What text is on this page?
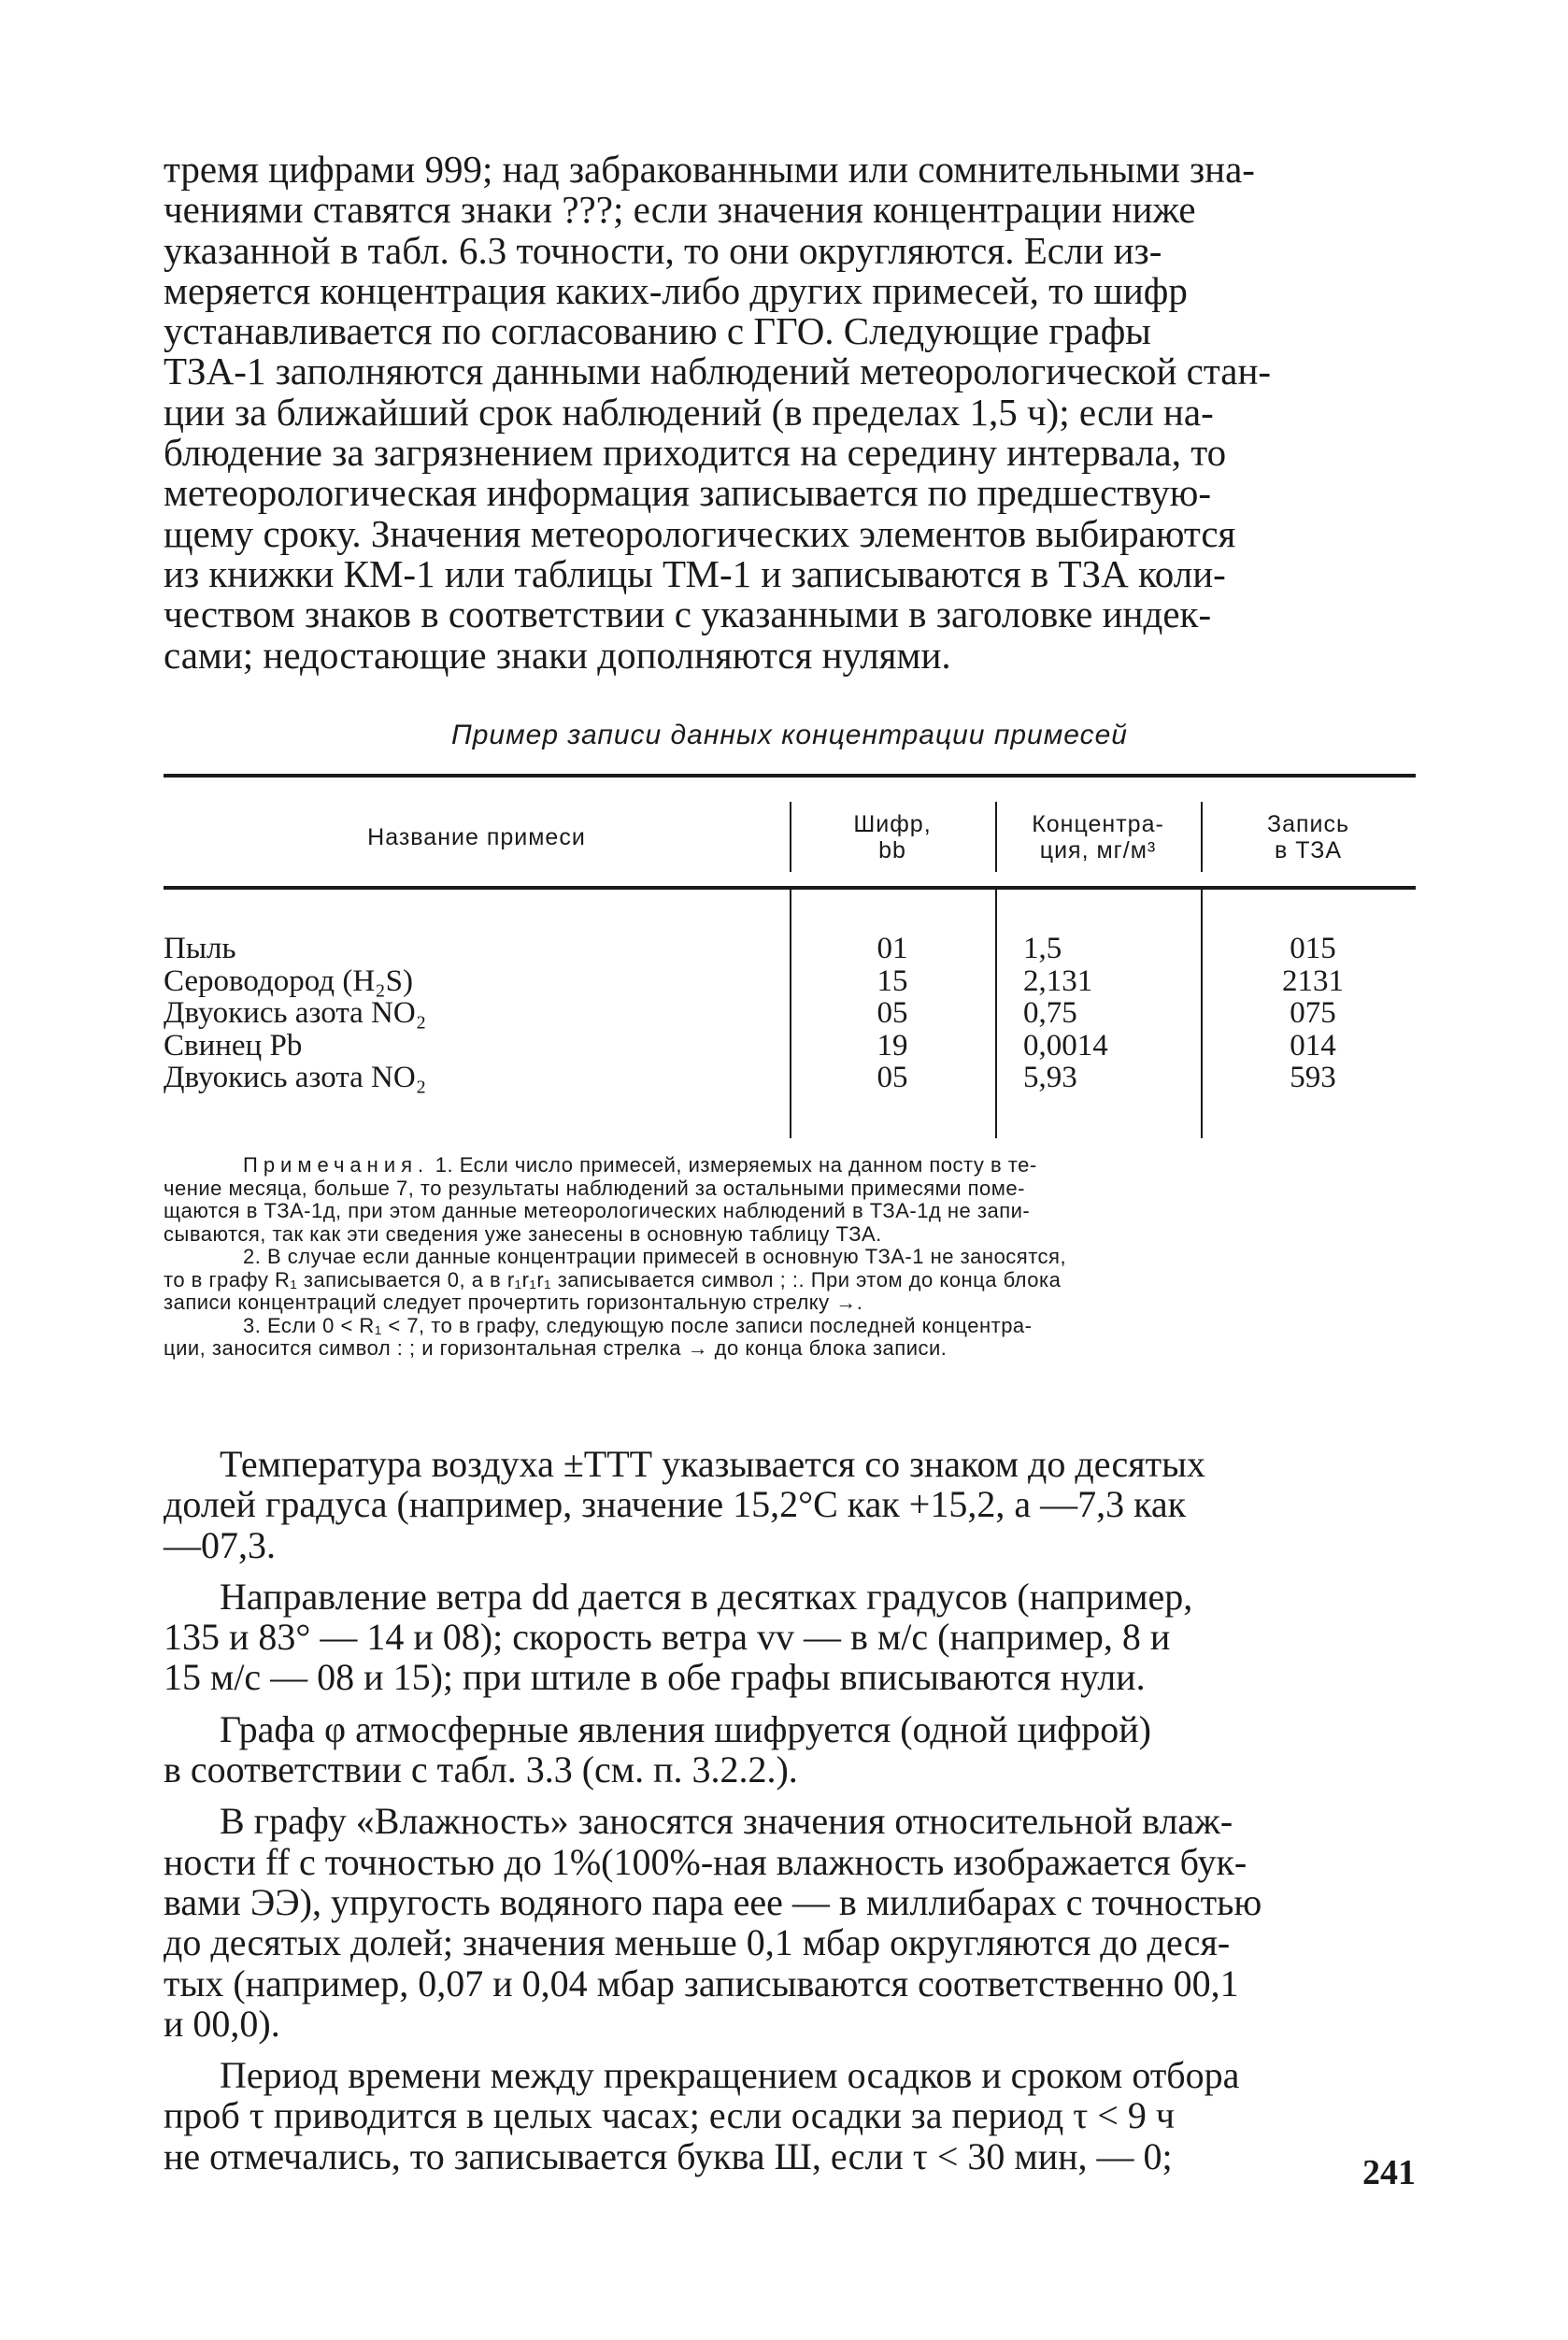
тремя цифрами 999; над забракованными или сомнительными зна-
чениями ставятся знаки ???; если значения концентрации ниже
указанной в табл. 6.3 точности, то они округляются. Если из-
меряется концентрация каких-либо других примесей, то шифр
устанавливается по согласованию с ГГО. Следующие графы
ТЗА-1 заполняются данными наблюдений метеорологической стан-
ции за ближайший срок наблюдений (в пределах 1,5 ч); если на-
блюдение за загрязнением приходится на середину интервала, то
метеорологическая информация записывается по предшествую-
щему сроку. Значения метеорологических элементов выбираются
из книжки КМ-1 или таблицы ТМ-1 и записываются в ТЗА коли-
чеством знаков в соответствии с указанными в заголовке индек-
сами; недостающие знаки дополняются нулями.

Пример записи данных концентрации примесей
Название примеси	Шифр,
bb
Концентра-
ция, мг/м³
Запись
в ТЗА
Пыль
Сероводород (H₂S)
Двуокись азота NO₂
Свинец Pb
Двуокись азота NO₂
01
15
05
19
05
1,5
2,131
0,75
0,0014
5,93
015
2131
075
014
593

Примечания. 1. Если число примесей, измеряемых на данном посту в те-
чение месяца, больше 7, то результаты наблюдений за остальными примесями поме-
щаются в ТЗА-1д, при этом данные метеорологических наблюдений в ТЗА-1д не запи-
сываются, так как эти сведения уже занесены в основную таблицу ТЗА.

2. В случае если данные концентрации примесей в основную ТЗА-1 не заносятся,
то в графу R₁ записывается 0, а в r₁r₁r₁ записывается символ ; :. При этом до конца блока
записи концентраций следует прочертить горизонтальную стрелку →.

3. Если 0 < R₁ < 7, то в графу, следующую после записи последней концентра-
ции, заносится символ : ; и горизонтальная стрелка → до конца блока записи.

Температура воздуха ±ТТТ указывается со знаком до десятых
долей градуса (например, значение 15,2°С как +15,2, а —7,3 как
—07,3.

Направление ветра dd дается в десятках градусов (например,
135 и 83° — 14 и 08); скорость ветра vv — в м/с (например, 8 и
15 м/с — 08 и 15); при штиле в обе графы вписываются нули.

Графа φ атмосферные явления шифруется (одной цифрой)
в соответствии с табл. 3.3 (см. п. 3.2.2.).

В графу «Влажность» заносятся значения относительной влаж-
ности ff с точностью до 1%(100%-ная влажность изображается бук-
вами ЭЭ), упругость водяного пара еее — в миллибарах с точностью
до десятых долей; значения меньше 0,1 мбар округляются до деся-
тых (например, 0,07 и 0,04 мбар записываются соответственно 00,1
и 00,0).

Период времени между прекращением осадков и сроком отбора
проб τ приводится в целых часах; если осадки за период τ < 9 ч
не отмечались, то записывается буква Ш, если τ < 30 мин, — 0;	241
